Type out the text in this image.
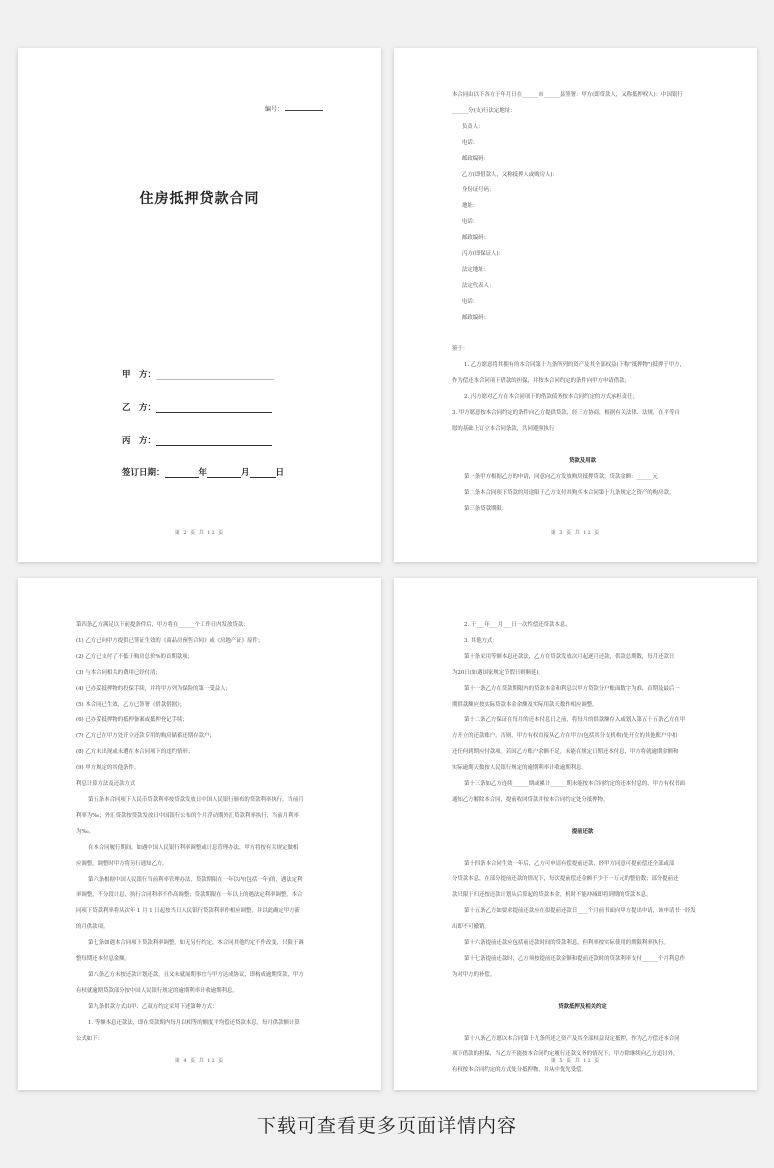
编号：
住房抵押贷款合同
甲　方：
乙　方：
丙　方：
签订日期：	年	月	日
第 2 页 共 12 页

本合同由以下各方于年月日在______市______县签署：甲方(即贷款人，又称抵押权人)：中国银行

______分(支)行法定地址：

负责人：

电话：

邮政编码：

乙方(即借款人，又称抵押人或购房人)：

身份证号码：

地址：

电话：

邮政编码：

丙方(即保证人)：

法定地址：

法定代表人：

电话：

邮政编码：

鉴于：

1. 乙方愿意将其拥有的本合同第十九条所列的资产及其全部权益(下称"抵押物")抵押于甲方，

作为偿还本合同项下借款的担保，并按本合同约定的条件向甲方申请借款；

2. 丙方愿对乙方在本合同项下的借款债务按本合同约定的方式承担责任；

3. 甲方愿意按本合同约定的条件向乙方提供贷款，经三方协商，根据有关法律、法规，在平等自

愿的基础上订立本合同条款，共同遵照执行

贷款及用款

第一条甲方根据乙方的申请，同意向乙方发放购房抵押贷款，贷款金额：______元

第二条本合同项下贷款的用途限于乙方支付其购买本合同第十九条规定之资产的购房款。

第三条贷款期限：

第 3 页 共 12 页

第四条乙方满足以下前提条件后，甲方将在______个工作日内发放贷款：

(1) 乙方已向甲方提供已签证生效的《商品房预售合同》或《房地产证》原件；

(2) 乙方已支付了不低于购房总价%的首期款项；

(3) 与本合同相关的费用已经付清；

(4) 已办妥抵押物的投保手续，并将甲方列为保险的第一受益人；

(5) 本合同已生效，乙方已签署《借款借据》；

(6) 已办妥抵押物的抵押备案或抵押登记手续；

(7) 乙方已在甲方处开立还款专用的购房储蓄还期存款户；

(8) 乙方未出现或未遭在本合同项下的违约情形；

(9) 甲方规定的其他条件。

利息计算方法及还款方式

第五条本合同项下人民币贷款利率按贷款发放日中国人民银行颁布的贷款利率执行，当前月

利率为‰；外汇贷款按贷款发放日中国银行公布的个月浮动期外汇贷款利率执行，当前月利率

为‰。

在本合同履行期间，如遇中国人民银行利率调整或计息管理办法，甲方将按有关规定做相

应调整，调整时甲方将另行通知乙方。

第六条根据中国人民银行当前利率管理办法，贷款期限在一年以内(包括一年)的，遇法定利

率调整，不分段计息，执行合同利率不作高调整；贷款期限在一年以上的遇法定利率调整，本合

同项下贷款利率将从次年 1 月 1 日起按当日人民银行贷款利率作相应调整，并以此确定甲方新

的月供款项。

第七条如遇本合同项下贷款利率调整，如无另行约定，本合同其他约定不作改变，只限于调

整每期还本付息金额。

第八条乙方未按还款计划还款，且又未就展期事宜与甲方达成协议，即构成逾期贷款，甲方

有权就逾期贷款部分按中国人民银行规定的逾期利率计收逾期利息。

第九条供款方式由甲、乙双方约定采用下述第种方式：

1. 等额本息还款法，即在贷款期内每月以相等的额度平均偿还贷款本息，每月供款额计算

公式如下：

第 4 页 共 12 页

2. 于___年___月___日一次性偿还贷款本息。

3. 其他方式：

第十条采用等额本息还款法，乙方在贷款发放次月起逐月还款，供款总期数，每月还款日

为20日(如遇国家规定节假日则顺延)。

第十一条乙方在贷款期限内的贷款本金和利息以甲方贷款分户账面数字为准，首期及最后一

期供款额应按实际贷款本金余额及实际用款天数作相应调整。

第十二条乙方保证在每月的还本付息日之前，将每月的供款额存入或划入第五十五条乙方在甲

方开立的还款账户，否则，甲方有权直接从乙方在甲方(包括其分支机构)处开立的其他账户中扣

还任何到期应付款项。若因乙方账户余额不足，未能在规定日期还本付息，甲方将就逾期金额和

实际逾期天数按人民银行规定的逾期利率计收逾期利息。

第十三条如乙方连续______期或累计______期未能按本合同约定的还本付息的，甲方有权书面

通知乙方解除本合同，提前收回贷款并按本合同约定处分抵押物。

提前还款

第十四条本合同生效一年后，乙方可申请有偿提前还款，经甲方同意可提前偿还全部或部

分贷款本息，在部分提前还款的情况下，每次提前偿还金额不少于一万元的整倍数；部分提前还

款只限于归还按还款计划从后算起的贷款本金，机时不能冲减即将到期的贷款本息。

第十五条乙方如要求提前还款应在拟提前还款日____个月前书面向甲方提出申请，该申请书一经发

出即不可撤销。

第十六条提前还款应包括前还款时间的贷款利息，但利率按实际使用的期限利率执行。

第十七条提前还款时，乙方须按提前还款金额和提前还款时的贷款利率支付______个月利息作

为对甲方的补偿。

贷款抵押及相关约定

第十八条乙方愿以本合同第十九条所述之资产及其全部权益设定抵押，作为乙方偿还本合同

项下借款的担保，当乙方不能按本合同约定履行还款义务的情况下，甲方除继续向乙方追讨外，

有权按本合同约定的方式处分抵押物，并从中优先受偿。

第 5 页 共 12 页
下载可查看更多页面详情内容
